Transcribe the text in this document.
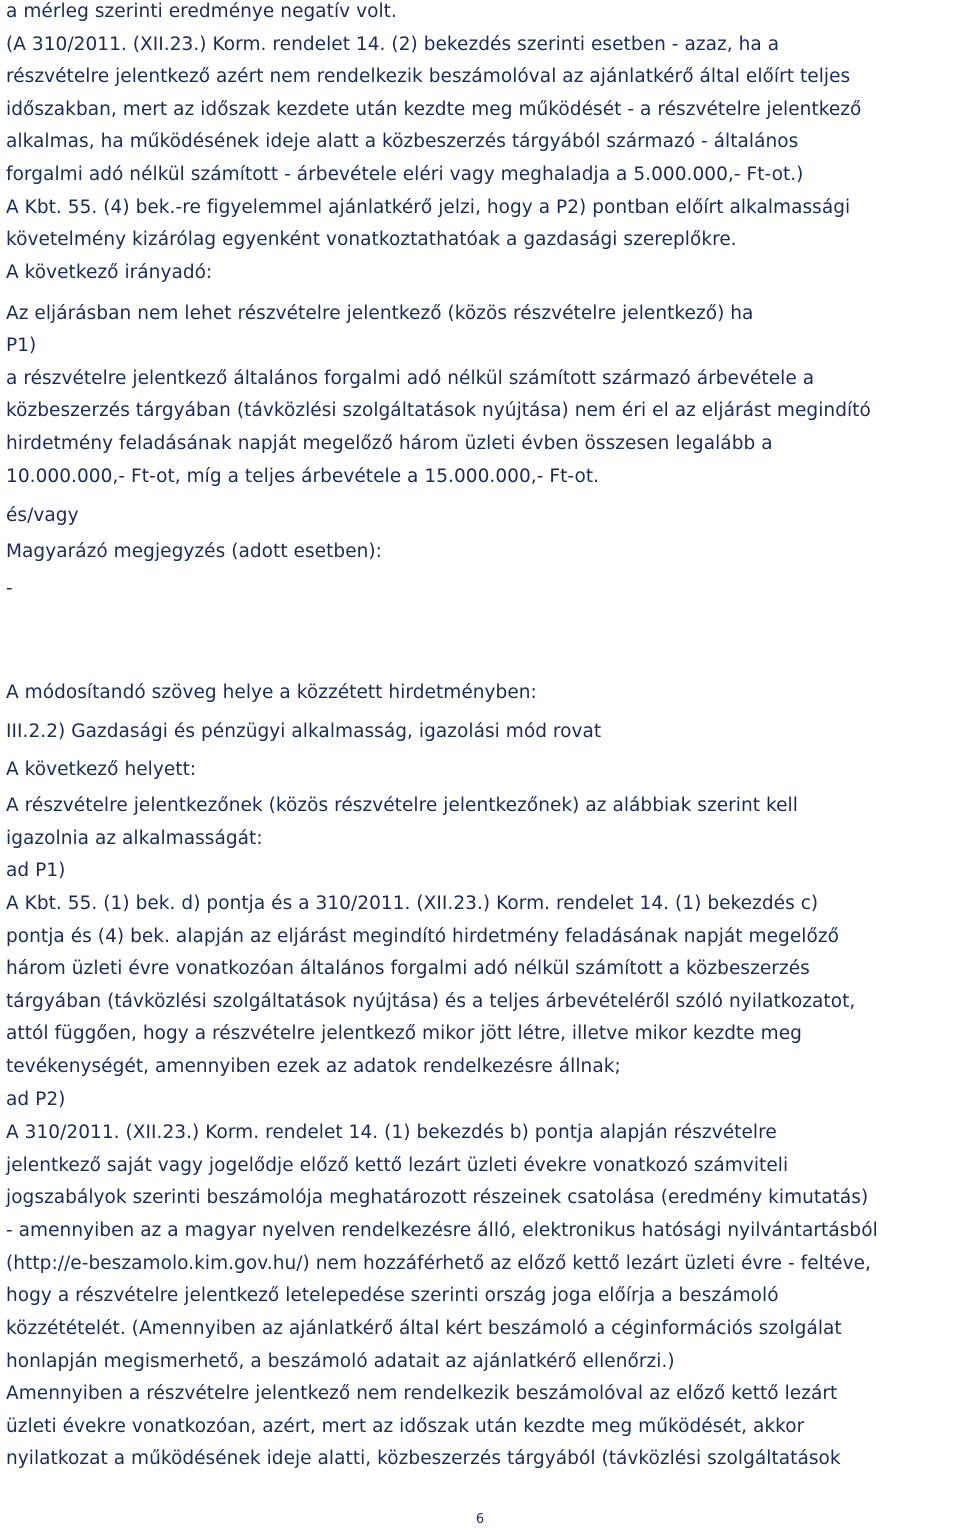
a mérleg szerinti eredménye negatív volt.
(A 310/2011. (XII.23.) Korm. rendelet 14. (2) bekezdés szerinti esetben - azaz, ha a
részvételre jelentkező azért nem rendelkezik beszámolóval az ajánlatkérő által előírt teljes
időszakban, mert az időszak kezdete után kezdte meg működését - a részvételre jelentkező
alkalmas, ha működésének ideje alatt a közbeszerzés tárgyából származó - általános
forgalmi adó nélkül számított - árbevétele eléri vagy meghaladja a 5.000.000,- Ft-ot.)
A Kbt. 55. (4) bek.-re figyelemmel ajánlatkérő jelzi, hogy a P2) pontban előírt alkalmassági
követelmény kizárólag egyenként vonatkoztathatóak a gazdasági szereplőkre.
A következő irányadó:
Az eljárásban nem lehet részvételre jelentkező (közös részvételre jelentkező) ha
P1)
a részvételre jelentkező általános forgalmi adó nélkül számított származó árbevétele a
közbeszerzés tárgyában (távközlési szolgáltatások nyújtása) nem éri el az eljárást megindító
hirdetmény feladásának napját megelőző három üzleti évben összesen legalább a
10.000.000,- Ft-ot, míg a teljes árbevétele a 15.000.000,- Ft-ot.
és/vagy
Magyarázó megjegyzés (adott esetben):
-
A módosítandó szöveg helye a közzétett hirdetményben:
III.2.2) Gazdasági és pénzügyi alkalmasság, igazolási mód rovat
A következő helyett:
A részvételre jelentkezőnek (közös részvételre jelentkezőnek) az alábbiak szerint kell
igazolnia az alkalmasságát:
ad P1)
A Kbt. 55. (1) bek. d) pontja és a 310/2011. (XII.23.) Korm. rendelet 14. (1) bekezdés c)
pontja és (4) bek. alapján az eljárást megindító hirdetmény feladásának napját megelőző
három üzleti évre vonatkozóan általános forgalmi adó nélkül számított a közbeszerzés
tárgyában (távközlési szolgáltatások nyújtása) és a teljes árbevételéről szóló nyilatkozatot,
attól függően, hogy a részvételre jelentkező mikor jött létre, illetve mikor kezdte meg
tevékenységét, amennyiben ezek az adatok rendelkezésre állnak;
ad P2)
A 310/2011. (XII.23.) Korm. rendelet 14. (1) bekezdés b) pontja alapján részvételre
jelentkező saját vagy jogelődje előző kettő lezárt üzleti évekre vonatkozó számviteli
jogszabályok szerinti beszámolója meghatározott részeinek csatolása (eredmény kimutatás)
- amennyiben az a magyar nyelven rendelkezésre álló, elektronikus hatósági nyilvántartásból
(http://e-beszamolo.kim.gov.hu/) nem hozzáférhető az előző kettő lezárt üzleti évre - feltéve,
hogy a részvételre jelentkező letelepedése szerinti ország joga előírja a beszámoló
közzétételét. (Amennyiben az ajánlatkérő által kért beszámoló a céginformációs szolgálat
honlapján megismerhető, a beszámoló adatait az ajánlatkérő ellenőrzi.)
Amennyiben a részvételre jelentkező nem rendelkezik beszámolóval az előző kettő lezárt
üzleti évekre vonatkozóan, azért, mert az időszak után kezdte meg működését, akkor
nyilatkozat a működésének ideje alatti, közbeszerzés tárgyából (távközlési szolgáltatások
6
